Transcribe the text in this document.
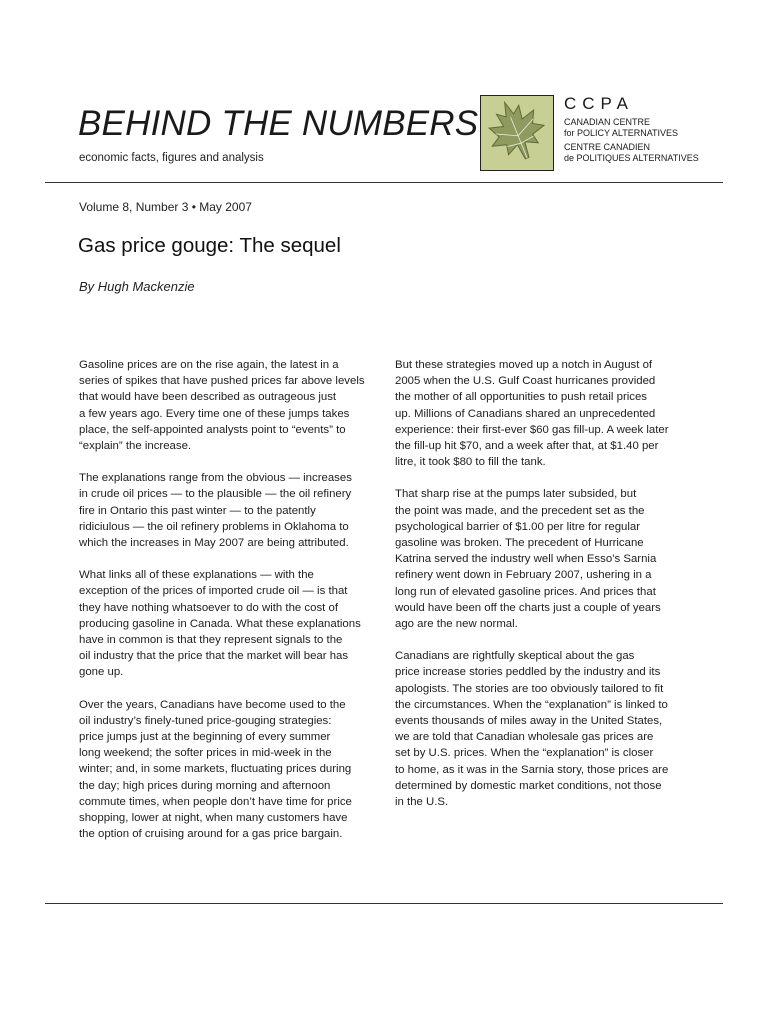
BEHIND THE NUMBERS
economic facts, figures and analysis
CCPA
CANADIAN CENTRE
for POLICY ALTERNATIVES
CENTRE CANADIEN
de POLITIQUES ALTERNATIVES
Volume 8, Number 3 • May 2007
Gas price gouge: The sequel
By Hugh Mackenzie

Gasoline prices are on the rise again, the latest in a
series of spikes that have pushed prices far above levels
that would have been described as outrageous just
a few years ago. Every time one of these jumps takes
place, the self-appointed analysts point to “events” to
“explain” the increase.

The explanations range from the obvious — increases
in crude oil prices — to the plausible — the oil refinery
fire in Ontario this past winter — to the patently
ridiciulous — the oil refinery problems in Oklahoma to
which the increases in May 2007 are being attributed.

What links all of these explanations — with the
exception of the prices of imported crude oil — is that
they have nothing whatsoever to do with the cost of
producing gasoline in Canada. What these explanations
have in common is that they represent signals to the
oil industry that the price that the market will bear has
gone up.

Over the years, Canadians have become used to the
oil industry’s finely-tuned price-gouging strategies:
price jumps just at the beginning of every summer
long weekend; the softer prices in mid-week in the
winter; and, in some markets, fluctuating prices during
the day; high prices during morning and afternoon
commute times, when people don’t have time for price
shopping, lower at night, when many customers have
the option of cruising around for a gas price bargain.

But these strategies moved up a notch in August of
2005 when the U.S. Gulf Coast hurricanes provided
the mother of all opportunities to push retail prices
up. Millions of Canadians shared an unprecedented
experience: their first-ever $60 gas fill-up. A week later
the fill-up hit $70, and a week after that, at $1.40 per
litre, it took $80 to fill the tank.

That sharp rise at the pumps later subsided, but
the point was made, and the precedent set as the
psychological barrier of $1.00 per litre for regular
gasoline was broken. The precedent of Hurricane
Katrina served the industry well when Esso’s Sarnia
refinery went down in February 2007, ushering in a
long run of elevated gasoline prices. And prices that
would have been off the charts just a couple of years
ago are the new normal.

Canadians are rightfully skeptical about the gas
price increase stories peddled by the industry and its
apologists. The stories are too obviously tailored to fit
the circumstances. When the “explanation” is linked to
events thousands of miles away in the United States,
we are told that Canadian wholesale gas prices are
set by U.S. prices. When the “explanation” is closer
to home, as it was in the Sarnia story, those prices are
determined by domestic market conditions, not those
in the U.S.
